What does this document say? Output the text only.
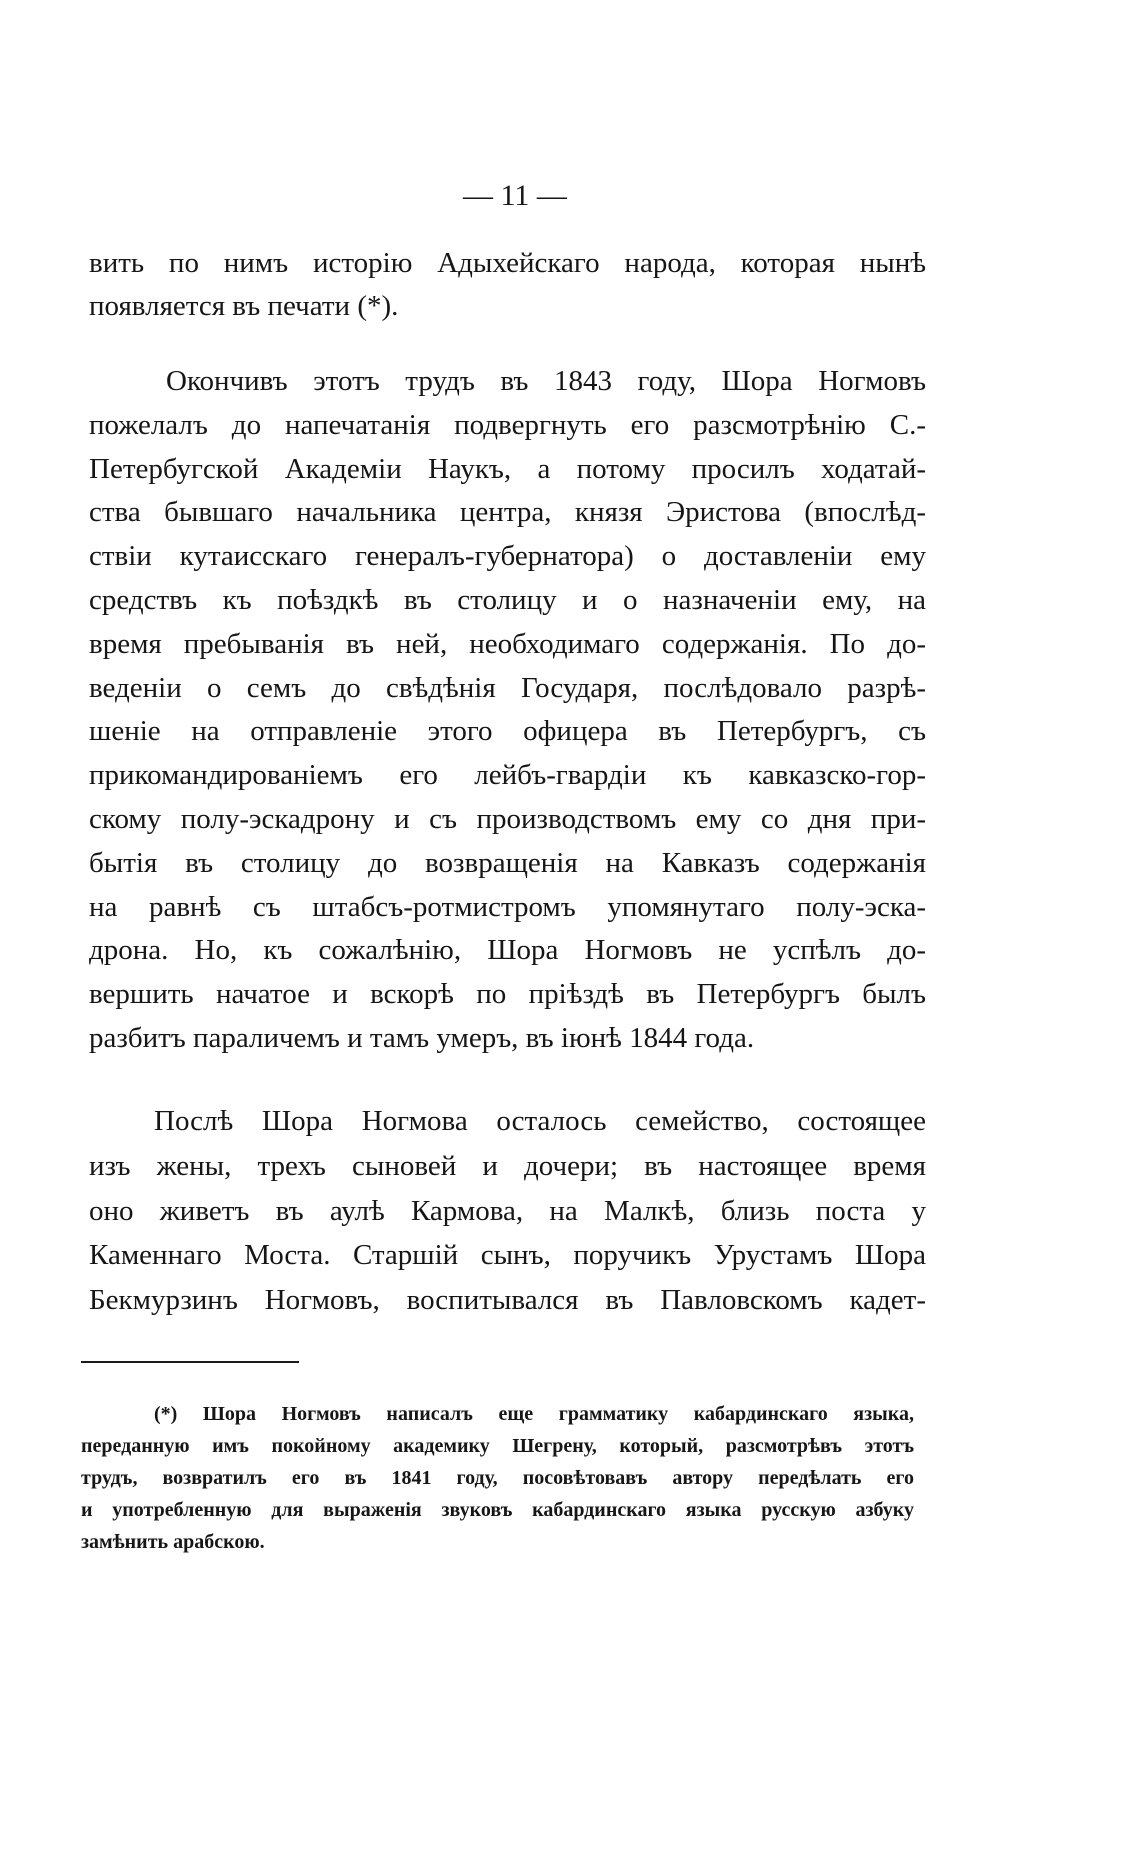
— 11 —
вить по нимъ исторію Адыхейскаго народа, которая нынѣ
появляется въ печати (*).
Окончивъ этотъ трудъ въ 1843 году, Шора Ногмовъ
пожелалъ до напечатанія подвергнуть его разсмотрѣнію С.-
Петербугской Академіи Наукъ, а потому просилъ ходатай-
ства бывшаго начальника центра, князя Эристова (впослѣд-
ствіи кутаисскаго генералъ-губернатора) о доставленіи ему
средствъ къ поѣздкѣ въ столицу и о назначеніи ему, на
время пребыванія въ ней, необходимаго содержанія. По до-
веденіи о семъ до свѣдѣнія Государя, послѣдовало разрѣ-
шеніе на отправленіе этого офицера въ Петербургъ, съ
прикомандированіемъ его лейбъ-гвардіи къ кавказско-гор-
скому полу-эскадрону и съ производствомъ ему со дня при-
бытія въ столицу до возвращенія на Кавказъ содержанія
на равнѣ съ штабсъ-ротмистромъ упомянутаго полу-эска-
дрона. Но, къ сожалѣнію, Шора Ногмовъ не успѣлъ до-
вершить начатое и вскорѣ по пріѣздѣ въ Петербургъ былъ
разбитъ параличемъ и тамъ умеръ, въ іюнѣ 1844 года.
Послѣ Шора Ногмова осталось семейство, состоящее
изъ жены, трехъ сыновей и дочери; въ настоящее время
оно живетъ въ аулѣ Кармова, на Малкѣ, близь поста у
Каменнаго Моста. Старшій сынъ, поручикъ Урустамъ Шора
Бекмурзинъ Ногмовъ, воспитывался въ Павловскомъ кадет-
(*) Шора Ногмовъ написалъ еще грамматику кабардинскаго языка,
переданную имъ покойному академику Шегрену, который, разсмотрѣвъ этотъ
трудъ, возвратилъ его въ 1841 году, посовѣтовавъ автору передѣлать его
и употребленную для выраженія звуковъ кабардинскаго языка русскую азбуку
замѣнить арабскою.
